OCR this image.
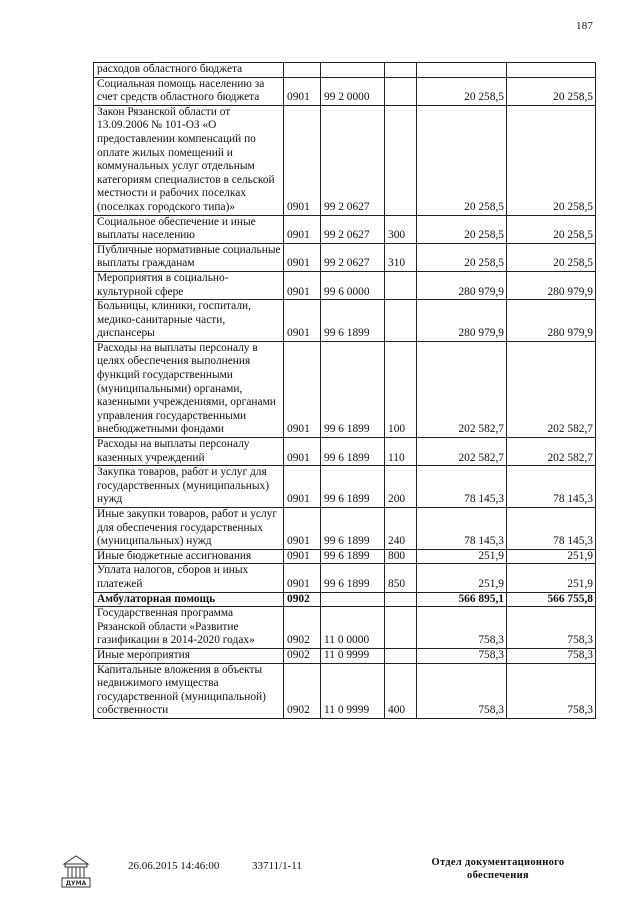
187
расходов областного бюджета					
Социальная помощь населению за счет средств областного бюджета	0901	99 2 0000		20 258,5	20 258,5
Закон Рязанской области от 13.09.2006 № 101-ОЗ «О предоставлении компенсаций по оплате жилых помещений и коммунальных услуг отдельным категориям специалистов в сельской местности и рабочих поселках (поселках городского типа)»	0901	99 2 0627		20 258,5	20 258,5
Социальное обеспечение и иные выплаты населению	0901	99 2 0627	300	20 258,5	20 258,5
Публичные нормативные социальные выплаты гражданам	0901	99 2 0627	310	20 258,5	20 258,5
Мероприятия в социально-культурной сфере	0901	99 6 0000		280 979,9	280 979,9
Больницы, клиники, госпитали, медико-санитарные части, диспансеры	0901	99 6 1899		280 979,9	280 979,9
Расходы на выплаты персоналу в целях обеспечения выполнения функций государственными (муниципальными) органами, казенными учреждениями, органами управления государственными внебюджетными фондами	0901	99 6 1899	100	202 582,7	202 582,7
Расходы на выплаты персоналу казенных учреждений	0901	99 6 1899	110	202 582,7	202 582,7
Закупка товаров, работ и услуг для государственных (муниципальных) нужд	0901	99 6 1899	200	78 145,3	78 145,3
Иные закупки товаров, работ и услуг для обеспечения государственных (муниципальных) нужд	0901	99 6 1899	240	78 145,3	78 145,3
Иные бюджетные ассигнования	0901	99 6 1899	800	251,9	251,9
Уплата налогов, сборов и иных платежей	0901	99 6 1899	850	251,9	251,9
Амбулаторная помощь	0902			566 895,1	566 755,8
Государственная программа Рязанской области «Развитие газификации в 2014-2020 годах»	0902	11 0 0000		758,3	758,3
Иные мероприятия	0902	11 0 9999		758,3	758,3
Капитальные вложения в объекты недвижимого имущества государственной (муниципальной) собственности	0902	11 0 9999	400	758,3	758,3
ДУМА
26.06.2015 14:46:00	33711/1-11	Отдел документационного
обеспечения
